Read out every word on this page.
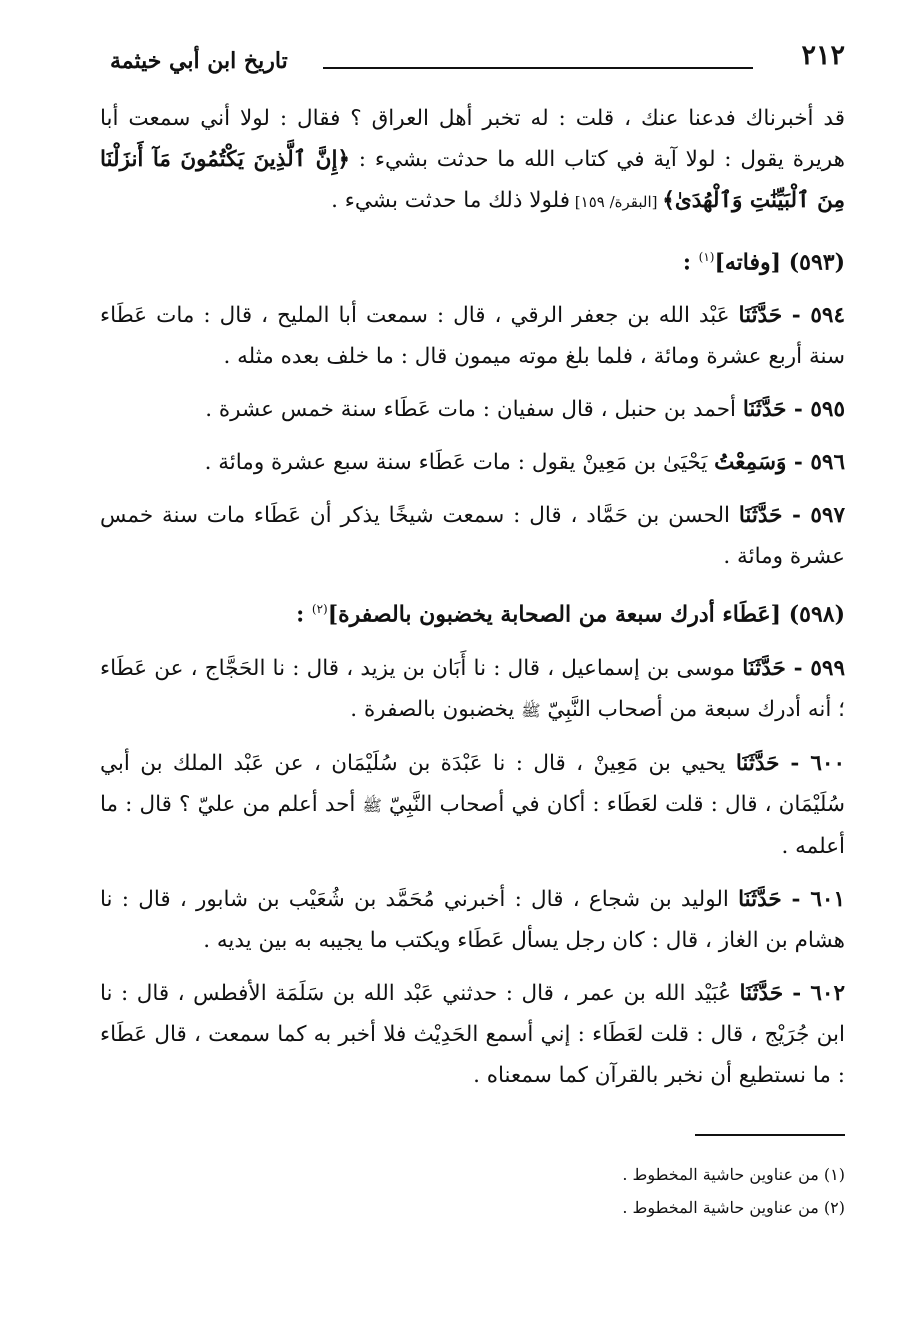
٢١٢
تاريخ ابن أبي خيثمة

قد أخبرناك فدعنا عنك ، قلت : له تخبر أهل العراق ؟ فقال : لولا أني سمعت أبا هريرة يقول : لولا آية في كتاب الله ما حدثت بشيء : ﴿إِنَّ ٱلَّذِينَ يَكْتُمُونَ مَآ أَنزَلْنَا مِنَ ٱلْبَيِّنَٰتِ وَٱلْهُدَىٰ﴾ [البقرة/ ١٥٩] فلولا ذلك ما حدثت بشيء .

(٥٩٣) [وفاته]$^{(١)}$ :

٥٩٤ - حَدَّثَنَا عَبْد الله بن جعفر الرقي ، قال : سمعت أبا المليح ، قال : مات عَطَاء سنة أربع عشرة ومائة ، فلما بلغ موته ميمون قال : ما خلف بعده مثله .

٥٩٥ - حَدَّثَنَا أحمد بن حنبل ، قال سفيان : مات عَطَاء سنة خمس عشرة .

٥٩٦ - وَسَمِعْتُ يَحْيَىٰ بن مَعِينْ يقول : مات عَطَاء سنة سبع عشرة ومائة .

٥٩٧ - حَدَّثَنَا الحسن بن حَمَّاد ، قال : سمعت شيخًا يذكر أن عَطَاء مات سنة خمس عشرة ومائة .

(٥٩٨) [عَطَاء أدرك سبعة من الصحابة يخضبون بالصفرة]$^{(٢)}$ :

٥٩٩ - حَدَّثَنَا موسى بن إسماعيل ، قال : نا أَبَان بن يزيد ، قال : نا الحَجَّاج ، عن عَطَاء ؛ أنه أدرك سبعة من أصحاب النَّبِيّ ﷺ يخضبون بالصفرة .

٦٠٠ - حَدَّثَنَا يحيي بن مَعِينْ ، قال : نا عَبْدَة بن سُلَيْمَان ، عن عَبْد الملك بن أبي سُلَيْمَان ، قال : قلت لعَطَاء : أكان في أصحاب النَّبِيّ ﷺ أحد أعلم من عليّ ؟ قال : ما أعلمه .

٦٠١ - حَدَّثَنَا الوليد بن شجاع ، قال : أخبرني مُحَمَّد بن شُعَيْب بن شابور ، قال : نا هشام بن الغاز ، قال : كان رجل يسأل عَطَاء ويكتب ما يجيبه به بين يديه .

٦٠٢ - حَدَّثَنَا عُبَيْد الله بن عمر ، قال : حدثني عَبْد الله بن سَلَمَة الأفطس ، قال : نا ابن جُرَيْج ، قال : قلت لعَطَاء : إني أسمع الحَدِيْث فلا أخبر به كما سمعت ، قال عَطَاء : ما نستطيع أن نخبر بالقرآن كما سمعناه .

(١) من عناوين حاشية المخطوط .

(٢) من عناوين حاشية المخطوط .
